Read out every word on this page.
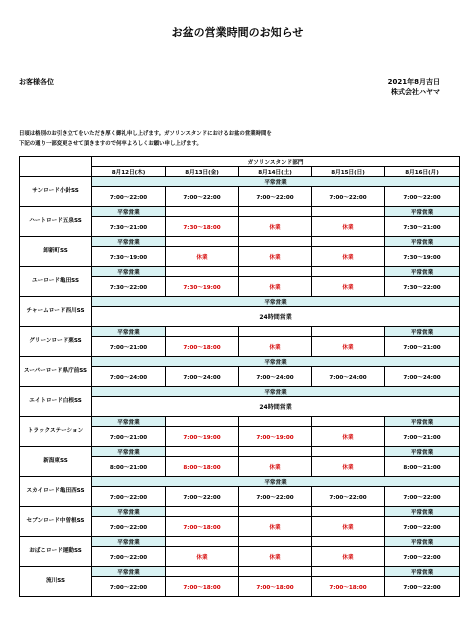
お盆の営業時間のお知らせ
お客様各位	2021年8月吉日
株式会社ハヤマ
日頃は格別のお引き立てをいただき厚く御礼申し上げます。ガソリンスタンドにおけるお盆の営業時間を
下記の通り一部変更させて頂きますので何卒よろしくお願い申し上げます。
	ガソリンスタンド部門				
	8月12日(木)	8月13日(金)	8月14日(土)	8月15日(日)	8月16日(月)
サンロード小針SS	平常営業				
	7:00～22:00	7:00～22:00	7:00～22:00	7:00～22:00	7:00～22:00
ハートロード五泉SS	平常営業				平常営業
	7:30～21:00	7:30～18:00	休業	休業	7:30～21:00
卸新町SS	平常営業				平常営業
	7:30～19:00	休業	休業	休業	7:30～19:00
ユーロード亀田SS	平常営業				平常営業
	7:30～22:00	7:30～19:00	休業	休業	7:30～22:00
チャームロード西川SS	平常営業				

	24時間営業				

グリーンロード栗SS	平常営業				平常営業
	7:00～21:00	7:00～18:00	休業	休業	7:00～21:00
スーパーロード県庁前SS	平常営業				
	7:00～24:00	7:00～24:00	7:00～24:00	7:00～24:00	7:00～24:00
エイトロード白根SS	平常営業				

	24時間営業				

トラックステーション	平常営業				平常営業
	7:00～21:00	7:00～19:00	7:00～19:00	休業	7:00～21:00
新潟東SS	平常営業				平常営業
	8:00～21:00	8:00～18:00	休業	休業	8:00～21:00
スカイロード亀田西SS	平常営業				
	7:00～22:00	7:00～22:00	7:00～22:00	7:00～22:00	7:00～22:00
セブンロード中曽根SS	平常営業				平常営業
	7:00～22:00	7:00～18:00	休業	休業	7:00～22:00
おばこロード運動SS	平常営業				平常営業
	7:00～22:00	休業	休業	休業	7:00～22:00
流川SS	平常営業				平常営業
	7:00～22:00	7:00～18:00	7:00～18:00	7:00～18:00	7:00～22:00
